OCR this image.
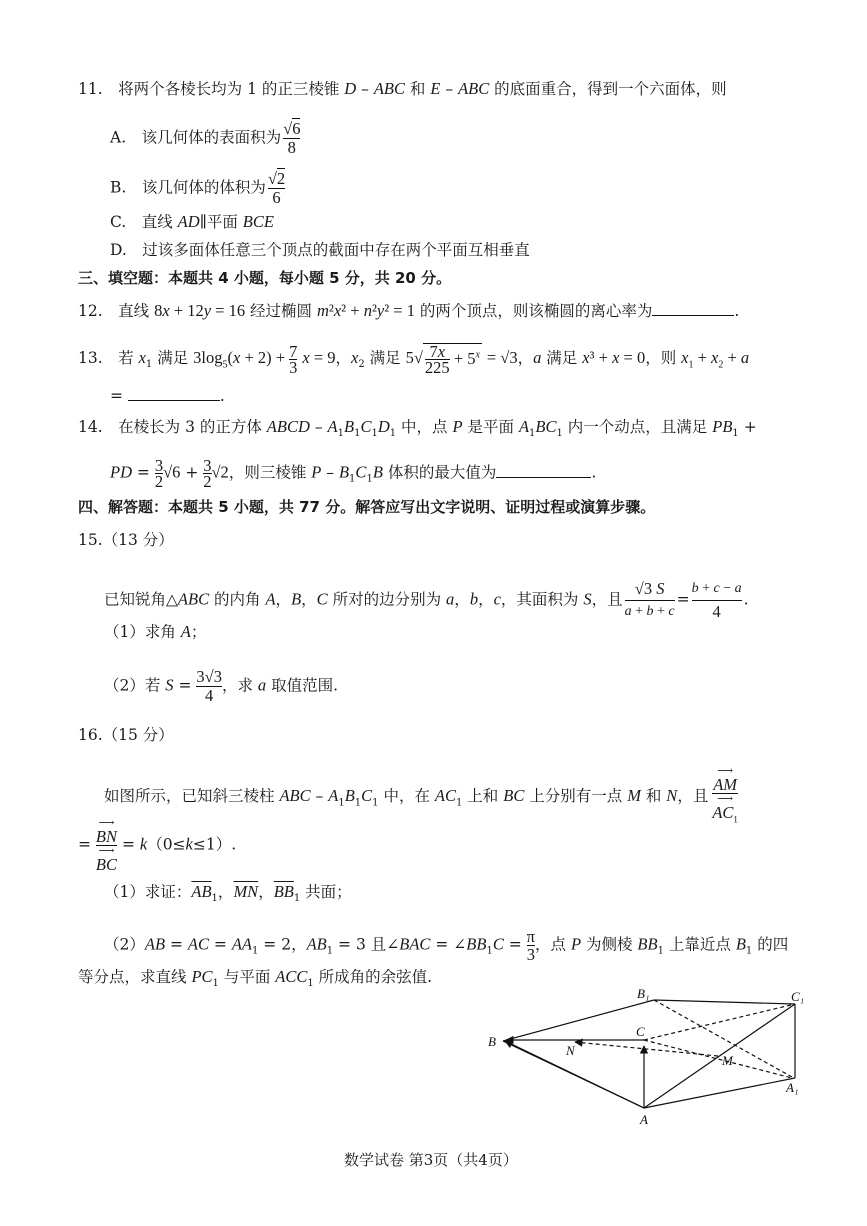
11.　将两个各棱长均为 1 的正三棱锥 D – ABC 和 E – ABC 的底面重合，得到一个六面体，则
A.　该几何体的表面积为 $\frac{√6}{8}$
B.　该几何体的体积为 $\frac{√2}{6}$
C.　直线 AD∥平面 BCE
D.　过该多面体任意三个顶点的截面中存在两个平面互相垂直
三、填空题：本题共 4 小题，每小题 5 分，共 20 分。
12.　直线 8x + 12y = 16 经过椭圆 m²x² + n²y² = 1 的两个顶点，则该椭圆的离心率为	.
13.　若 $x_1$ 满足 $3\log_5(x + 2) + \frac{7}{3}$ x = 9，$x_2$ 满足 $5√ \frac{7x}{225} + 5^x = √3$，a 满足 x³ + x = 0，则 $x_1 + x_2 + a$
=	.
14.　在棱长为 3 的正方体 ABCD – $A_1B_1C_1D_1$ 中，点 P 是平面 $A_1BC_1$ 内一个动点，且满足 $PB_1$ +
PD = $\frac{3}{2} √6 + \frac{3}{2} √2$，则三棱锥 P – $B_1C_1B$ 体积的最大值为	.
四、解答题：本题共 5 小题，共 77 分。解答应写出文字说明、证明过程或演算步骤。
15.（13 分）
已知锐角△ABC 的内角 A，B，C 所对的边分别为 a，b，c，其面积为 S，且 $\frac{√3 S}{a + b + c}$ =
b + c − a
4
.
（1）求角 A；
（2）若 $S = \frac{3√3}{4}$ ，求 a 取值范围.
16.（15 分）
如图所示，已知斜三棱柱 ABC – $A_1B_1C_1$ 中，在 $AC_1$ 上和 BC 上分别有一点 M 和 N，且
⟶
AM
⟶
$AC_1$
=
⟶
BN
⟶
BC
= k（0≤k≤1）.
（1）求证：$\overline{AB}_1$，$\overline{MN}$，$\overline{BB}_1$ 共面；
（2）AB = AC = $AA_1 = 2$，$AB_1 = 3$ 且∠BAC = $\angle BB_1C = \frac{\pi}{3}$ ，点 P 为侧棱 $BB_1$ 上靠近点 $B_1$ 的四
等分点，求直线 $PC_1$ 与平面 $ACC_1$ 所成角的余弦值.
B₁	C₁
C
B
N
M
A₁
A
数学试卷 第3页（共4页）
